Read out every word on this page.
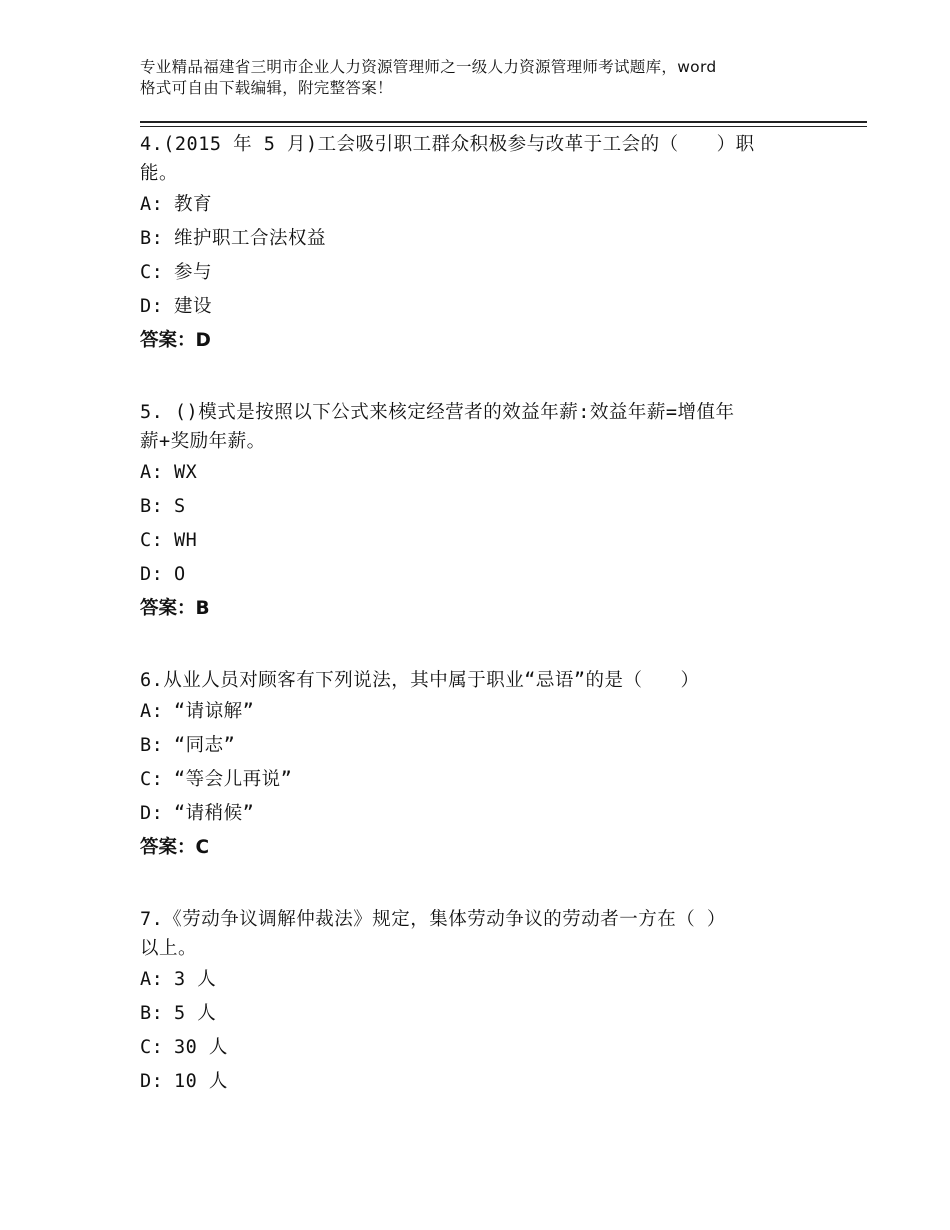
专业精品福建省三明市企业人力资源管理师之一级人力资源管理师考试题库，word
格式可自由下载编辑，附完整答案！
4.(2015 年 5 月)工会吸引职工群众积极参与改革于工会的（　　）职
能。
A: 教育
B: 维护职工合法权益
C: 参与
D: 建设
答案：D
5. ()模式是按照以下公式来核定经营者的效益年薪:效益年薪=增值年
薪+奖励年薪。
A: WX
B: S
C: WH
D: O
答案：B
6.从业人员对顾客有下列说法，其中属于职业“忌语”的是（　　）
A: “请谅解”
B: “同志”
C: “等会儿再说”
D: “请稍候”
答案：C
7.《劳动争议调解仲裁法》规定，集体劳动争议的劳动者一方在（ ）
以上。
A: 3 人
B: 5 人
C: 30 人
D: 10 人
